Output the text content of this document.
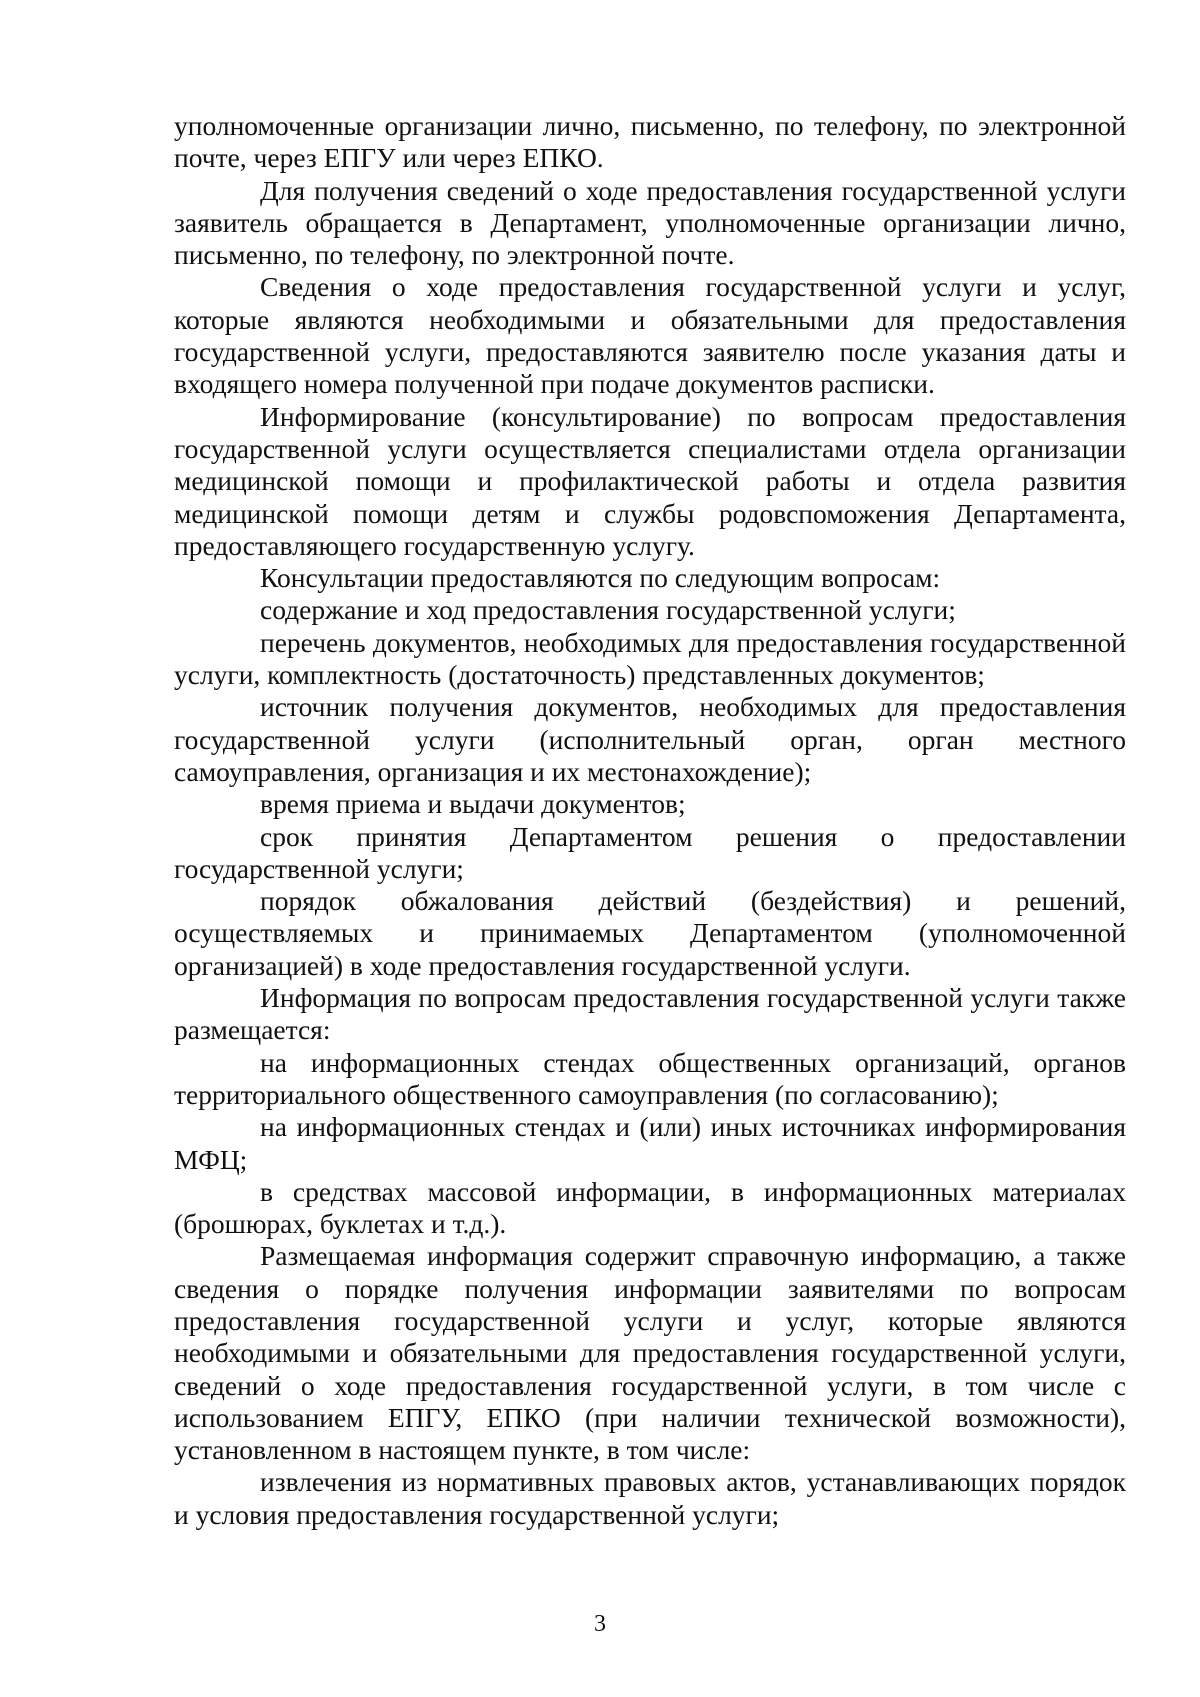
уполномоченные организации лично, письменно, по телефону, по электронной почте, через ЕПГУ или через ЕПКО.

Для получения сведений о ходе предоставления государственной услуги заявитель обращается в Департамент, уполномоченные организации лично, письменно, по телефону, по электронной почте.

Сведения о ходе предоставления государственной услуги и услуг, которые являются необходимыми и обязательными для предоставления государственной услуги, предоставляются заявителю после указания даты и входящего номера полученной при подаче документов расписки.

Информирование (консультирование) по вопросам предоставления государственной услуги осуществляется специалистами отдела организации медицинской помощи и профилактической работы и отдела развития медицинской помощи детям и службы родовспоможения Департамента, предоставляющего государственную услугу.

Консультации предоставляются по следующим вопросам:

содержание и ход предоставления государственной услуги;

перечень документов, необходимых для предоставления государственной услуги, комплектность (достаточность) представленных документов;

источник получения документов, необходимых для предоставления государственной услуги (исполнительный орган, орган местного самоуправления, организация и их местонахождение);

время приема и выдачи документов;

срок принятия Департаментом решения о предоставлении государственной услуги;

порядок обжалования действий (бездействия) и решений, осуществляемых и принимаемых Департаментом (уполномоченной организацией) в ходе предоставления государственной услуги.

Информация по вопросам предоставления государственной услуги также размещается:

на информационных стендах общественных организаций, органов территориального общественного самоуправления (по согласованию);

на информационных стендах и (или) иных источниках информирования МФЦ;

в средствах массовой информации, в информационных материалах (брошюрах, буклетах и т.д.).

Размещаемая информация содержит справочную информацию, а также сведения о порядке получения информации заявителями по вопросам предоставления государственной услуги и услуг, которые являются необходимыми и обязательными для предоставления государственной услуги, сведений о ходе предоставления государственной услуги, в том числе с использованием ЕПГУ, ЕПКО (при наличии технической возможности), установленном в настоящем пункте, в том числе:

извлечения из нормативных правовых актов, устанавливающих порядок и условия предоставления государственной услуги;

3
